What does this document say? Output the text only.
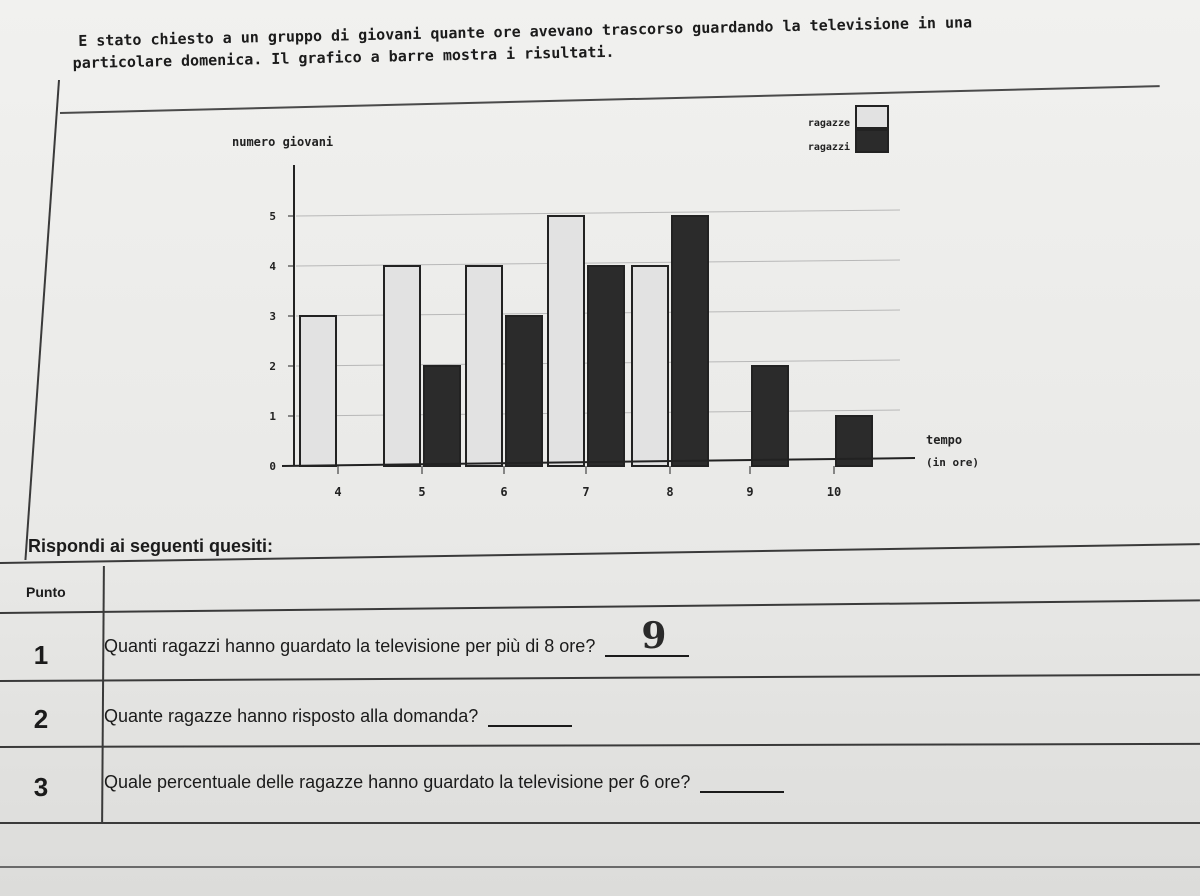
E stato chiesto a un gruppo di giovani quante ore avevano trascorso guardando la televisione in una
particolare domenica. Il grafico a barre mostra i risultati.
0
1
2
3
4
5
4	5	6	7	8	9	10
numero giovani
tempo
(in ore)
ragazze
ragazzi
Rispondi ai seguenti quesiti:
Punto
1	Quanti ragazzi hanno guardato la televisione per più di 8 ore? 9
2	Quante ragazze hanno risposto alla domanda?
3	Quale percentuale delle ragazze hanno guardato la televisione per 6 ore?
